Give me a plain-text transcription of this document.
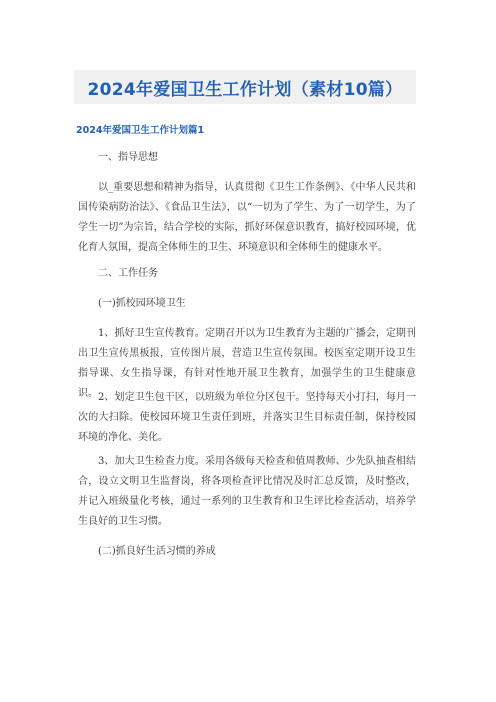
2024年爱国卫生工作计划（素材10篇）
2024年爱国卫生工作计划篇1
一、指导思想
以_重要思想和精神为指导，认真贯彻《卫生工作条例》、《中华人民共和国传染病防治法》、《食品卫生法》，以“一切为了学生、为了一切学生，为了学生一切”为宗旨，结合学校的实际，抓好环保意识教育，搞好校园环境，优化育人氛围，提高全体师生的卫生、环境意识和全体师生的健康水平。
二、工作任务
(一)抓校园环境卫生
1、抓好卫生宣传教育。定期召开以为卫生教育为主题的广播会，定期刊出卫生宣传黑板报，宣传图片展，营造卫生宣传氛围。校医室定期开设卫生指导课、女生指导课，有针对性地开展卫生教育，加强学生的卫生健康意识。 2、划定卫生包干区，以班级为单位分区包干。坚持每天小打扫，每月一次的大扫除。使校园环境卫生责任到班，并落实卫生目标责任制，保持校园环境的净化、美化。
3、加大卫生检查力度。采用各级每天检查和值周教师、少先队抽查相结合，设立文明卫生监督岗，将各项检查评比情况及时汇总反馈，及时整改，并记入班级量化考核，通过一系列的卫生教育和卫生评比检查活动，培养学生良好的卫生习惯。
(二)抓良好生活习惯的养成
